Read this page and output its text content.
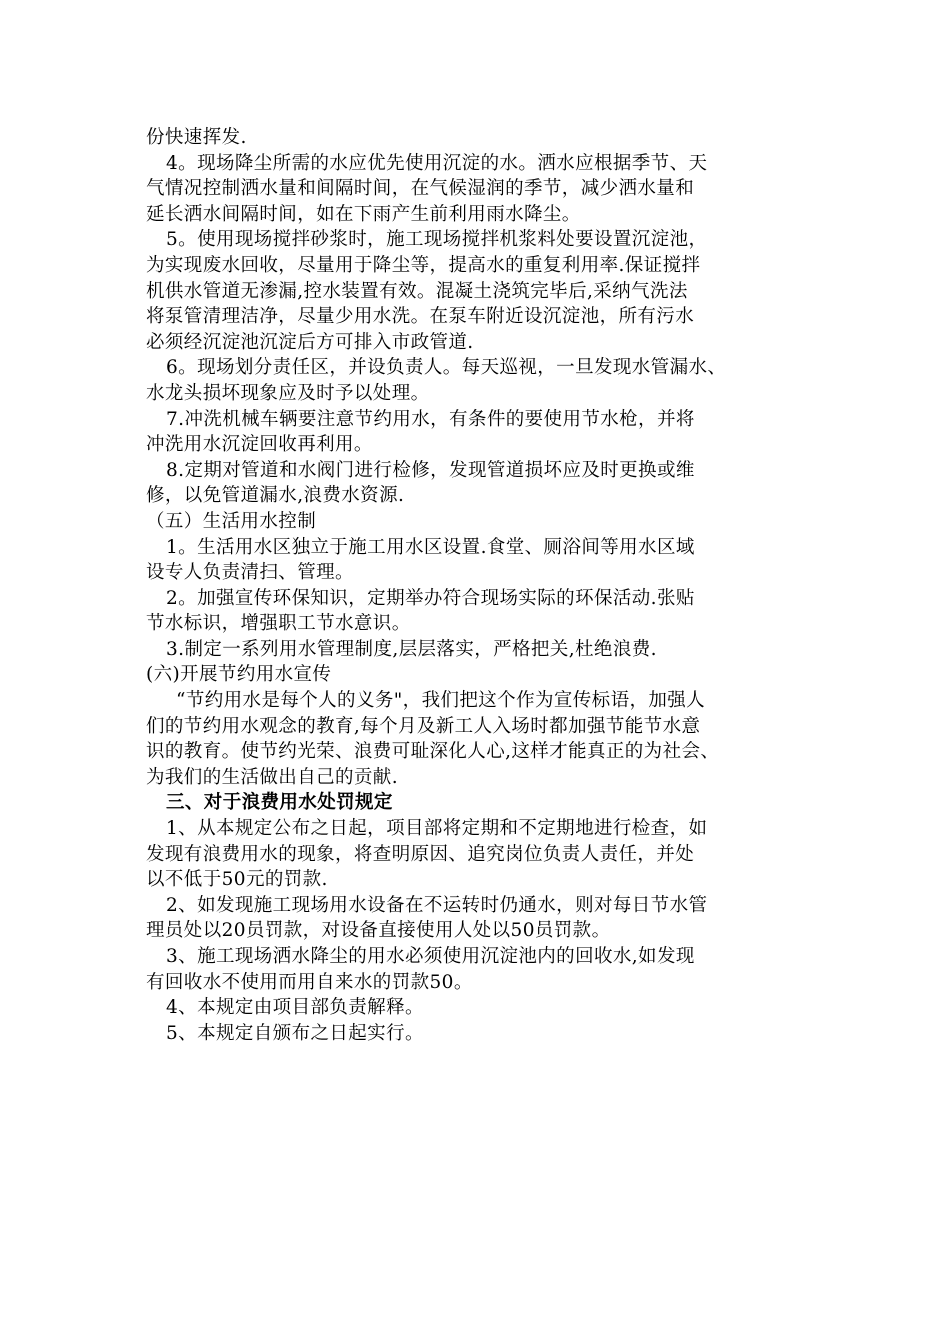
份快速挥发.
4。现场降尘所需的水应优先使用沉淀的水。洒水应根据季节、天
气情况控制洒水量和间隔时间，在气候湿润的季节，减少洒水量和
延长洒水间隔时间，如在下雨产生前利用雨水降尘。
5。使用现场搅拌砂浆时，施工现场搅拌机浆料处要设置沉淀池，
为实现废水回收，尽量用于降尘等，提高水的重复利用率.保证搅拌
机供水管道无渗漏,控水装置有效。混凝土浇筑完毕后,采纳气洗法
将泵管清理洁净，尽量少用水洗。在泵车附近设沉淀池，所有污水
必须经沉淀池沉淀后方可排入市政管道.
6。现场划分责任区，并设负责人。每天巡视，一旦发现水管漏水、
水龙头损坏现象应及时予以处理。
7.冲洗机械车辆要注意节约用水，有条件的要使用节水枪，并将
冲洗用水沉淀回收再利用。
8.定期对管道和水阀门进行检修，发现管道损坏应及时更换或维
修，以免管道漏水,浪费水资源.
（五）生活用水控制
1。生活用水区独立于施工用水区设置.食堂、厕浴间等用水区域
设专人负责清扫、管理。
2。加强宣传环保知识，定期举办符合现场实际的环保活动.张贴
节水标识，增强职工节水意识。
3.制定一系列用水管理制度,层层落实，严格把关,杜绝浪费.
(六)开展节约用水宣传
“节约用水是每个人的义务"，我们把这个作为宣传标语，加强人
们的节约用水观念的教育,每个月及新工人入场时都加强节能节水意
识的教育。使节约光荣、浪费可耻深化人心,这样才能真正的为社会、
为我们的生活做出自己的贡献.
三、对于浪费用水处罚规定
1、从本规定公布之日起，项目部将定期和不定期地进行检查，如
发现有浪费用水的现象，将查明原因、追究岗位负责人责任，并处
以不低于50元的罚款.
2、如发现施工现场用水设备在不运转时仍通水，则对每日节水管
理员处以20员罚款，对设备直接使用人处以50员罚款。
3、施工现场洒水降尘的用水必须使用沉淀池内的回收水,如发现
有回收水不使用而用自来水的罚款50。
4、本规定由项目部负责解释。
5、本规定自颁布之日起实行。
